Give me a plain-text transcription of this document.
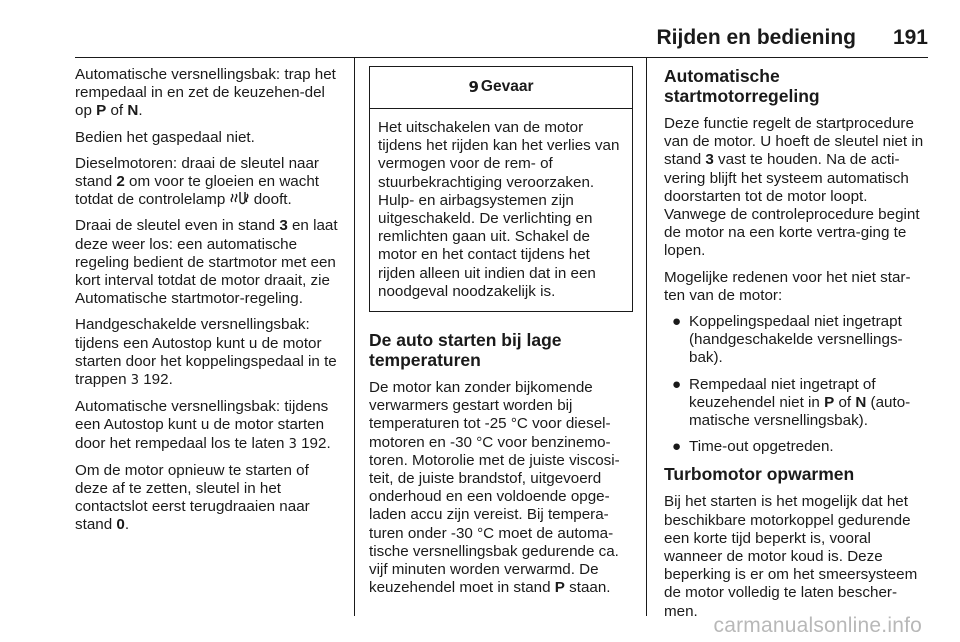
Rijden en bediening 191

Automatische versnellingsbak: trap het rempedaal in en zet de keuzehen-del op P of N.

Bedien het gaspedaal niet.

Dieselmotoren: draai de sleutel naar stand 2 om voor te gloeien en wacht totdat de controlelamp  dooft.

Draai de sleutel even in stand 3 en laat deze weer los: een automatische regeling bedient de startmotor met een kort interval totdat de motor draait, zie Automatische startmotor-regeling.

Handgeschakelde versnellingsbak: tijdens een Autostop kunt u de motor starten door het koppelingspedaal in te trappen 3 192.

Automatische versnellingsbak: tijdens een Autostop kunt u de motor starten door het rempedaal los te laten 3 192.

Om de motor opnieuw te starten of deze af te zetten, sleutel in het contactslot eerst terugdraaien naar stand 0.

9 Gevaar
Het uitschakelen van de motor tijdens het rijden kan het verlies van vermogen voor de rem- of stuurbekrachtiging veroorzaken. Hulp- en airbagsystemen zijn uitgeschakeld. De verlichting en remlichten gaan uit. Schakel de motor en het contact tijdens het rijden alleen uit indien dat in een noodgeval noodzakelijk is.
De auto starten bij lage temperaturen

De motor kan zonder bijkomende verwarmers gestart worden bij temperaturen tot -25 °C voor diesel-motoren en -30 °C voor benzinemo-toren. Motorolie met de juiste viscosi-teit, de juiste brandstof, uitgevoerd onderhoud en een voldoende opge-laden accu zijn vereist. Bij tempera-turen onder -30 °C moet de automa-tische versnellingsbak gedurende ca. vijf minuten worden verwarmd. De keuzehendel moet in stand P staan.

Automatische startmotorregeling

Deze functie regelt de startprocedure van de motor. U hoeft de sleutel niet in stand 3 vast te houden. Na de acti-vering blijft het systeem automatisch doorstarten tot de motor loopt. Vanwege de controleprocedure begint de motor na een korte vertra-ging te lopen.

Mogelijke redenen voor het niet star-ten van de motor:

● Koppelingspedaal niet ingetrapt (handgeschakelde versnellings-bak).
● Rempedaal niet ingetrapt of keuzehendel niet in P of N (auto-matische versnellingsbak).
● Time-out opgetreden.
Turbomotor opwarmen

Bij het starten is het mogelijk dat het beschikbare motorkoppel gedurende een korte tijd beperkt is, vooral wanneer de motor koud is. Deze beperking is er om het smeersysteem de motor volledig te laten bescher-men.

carmanualsonline.info
